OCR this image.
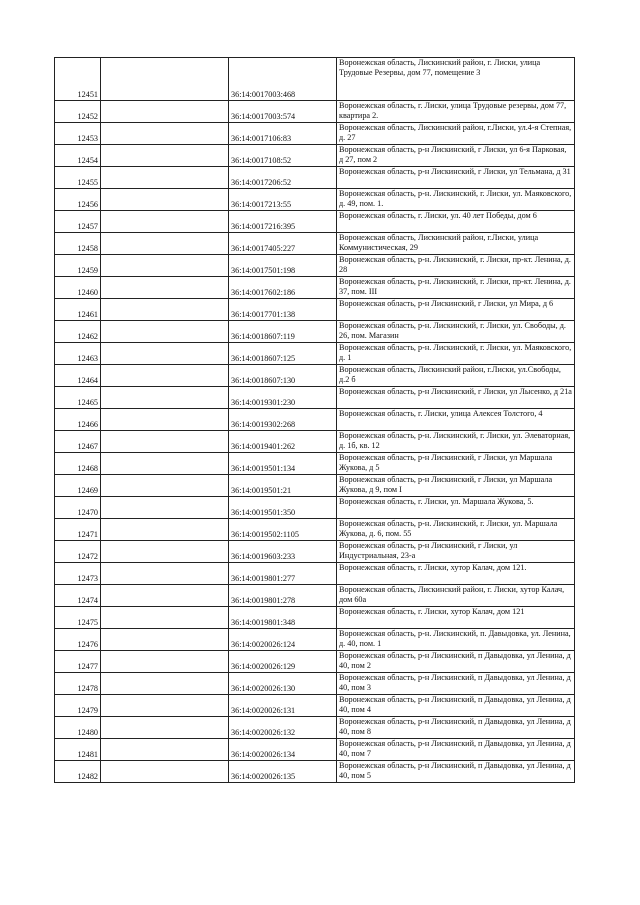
12451		36:14:0017003:468	Воронежская область, Лискинский район, г. Лиски, улица Трудовые Резервы, дом 77, помещение 3
12452		36:14:0017003:574	Воронежская область, г. Лиски, улица Трудовые резервы, дом 77, квартира 2.
12453		36:14:0017106:83	Воронежская область, Лискинский район, г.Лиски, ул.4-я Степная, д. 27
12454		36:14:0017108:52	Воронежская область, р-н Лискинский, г Лиски, ул 6-я Парковая, д 27, пом 2
12455		36:14:0017206:52	Воронежская область, р-н Лискинский, г Лиски, ул Тельмана, д 31
12456		36:14:0017213:55	Воронежская область, р-н. Лискинский, г. Лиски, ул. Маяковского, д. 49, пом. 1.
12457		36:14:0017216:395	Воронежская область, г. Лиски, ул. 40 лет Победы, дом 6
12458		36:14:0017405:227	Воронежская область, Лискинский район, г.Лиски, улица Коммунистическая, 29
12459		36:14:0017501:198	Воронежская область, р-н. Лискинский, г. Лиски, пр-кт. Ленина, д. 28
12460		36:14:0017602:186	Воронежская область, р-н. Лискинский, г. Лиски, пр-кт. Ленина, д. 37, пом. III
12461		36:14:0017701:138	Воронежская область, р-н Лискинский, г Лиски, ул Мира, д 6
12462		36:14:0018607:119	Воронежская область, р-н. Лискинский, г. Лиски, ул. Свободы, д. 26, пом. Магазин
12463		36:14:0018607:125	Воронежская область, р-н. Лискинский, г. Лиски, ул. Маяковского, д. 1
12464		36:14:0018607:130	Воронежская область, Лискинский район, г.Лиски, ул.Свободы, д.2 б
12465		36:14:0019301:230	Воронежская область, р-н Лискинский, г Лиски, ул Лысенко, д 21а
12466		36:14:0019302:268	Воронежская область, г. Лиски, улица Алексея Толстого, 4
12467		36:14:0019401:262	Воронежская область, р-н. Лискинский, г. Лиски, ул. Элеваторная, д. 1б, кв. 12
12468		36:14:0019501:134	Воронежская область, р-н Лискинский, г Лиски, ул Маршала Жукова, д 5
12469		36:14:0019501:21	Воронежская область, р-н Лискинский, г Лиски, ул Маршала Жукова, д 9, пом I
12470		36:14:0019501:350	Воронежская область, г. Лиски, ул. Маршала Жукова, 5.
12471		36:14:0019502:1105	Воронежская область, р-н. Лискинский, г. Лиски, ул. Маршала Жукова, д. 6, пом. 55
12472		36:14:0019603:233	Воронежская область, р-н Лискинский, г Лиски, ул Индустриальная, 23-а
12473		36:14:0019801:277	Воронежская область, г. Лиски, хутор Калач, дом 121.
12474		36:14:0019801:278	Воронежская область, Лискинский район, г. Лиски, хутор Калач, дом 60а
12475		36:14:0019801:348	Воронежская область, г. Лиски, хутор Калач, дом 121
12476		36:14:0020026:124	Воронежская область, р-н. Лискинский, п. Давыдовка, ул. Ленина, д. 40, пом. 1
12477		36:14:0020026:129	Воронежская область, р-н Лискинский, п Давыдовка, ул Ленина, д 40, пом 2
12478		36:14:0020026:130	Воронежская область, р-н Лискинский, п Давыдовка, ул Ленина, д 40, пом 3
12479		36:14:0020026:131	Воронежская область, р-н Лискинский, п Давыдовка, ул Ленина, д 40, пом 4
12480		36:14:0020026:132	Воронежская область, р-н Лискинский, п Давыдовка, ул Ленина, д 40, пом 8
12481		36:14:0020026:134	Воронежская область, р-н Лискинский, п Давыдовка, ул Ленина, д 40, пом 7
12482		36:14:0020026:135	Воронежская область, р-н Лискинский, п Давыдовка, ул Ленина, д 40, пом 5
